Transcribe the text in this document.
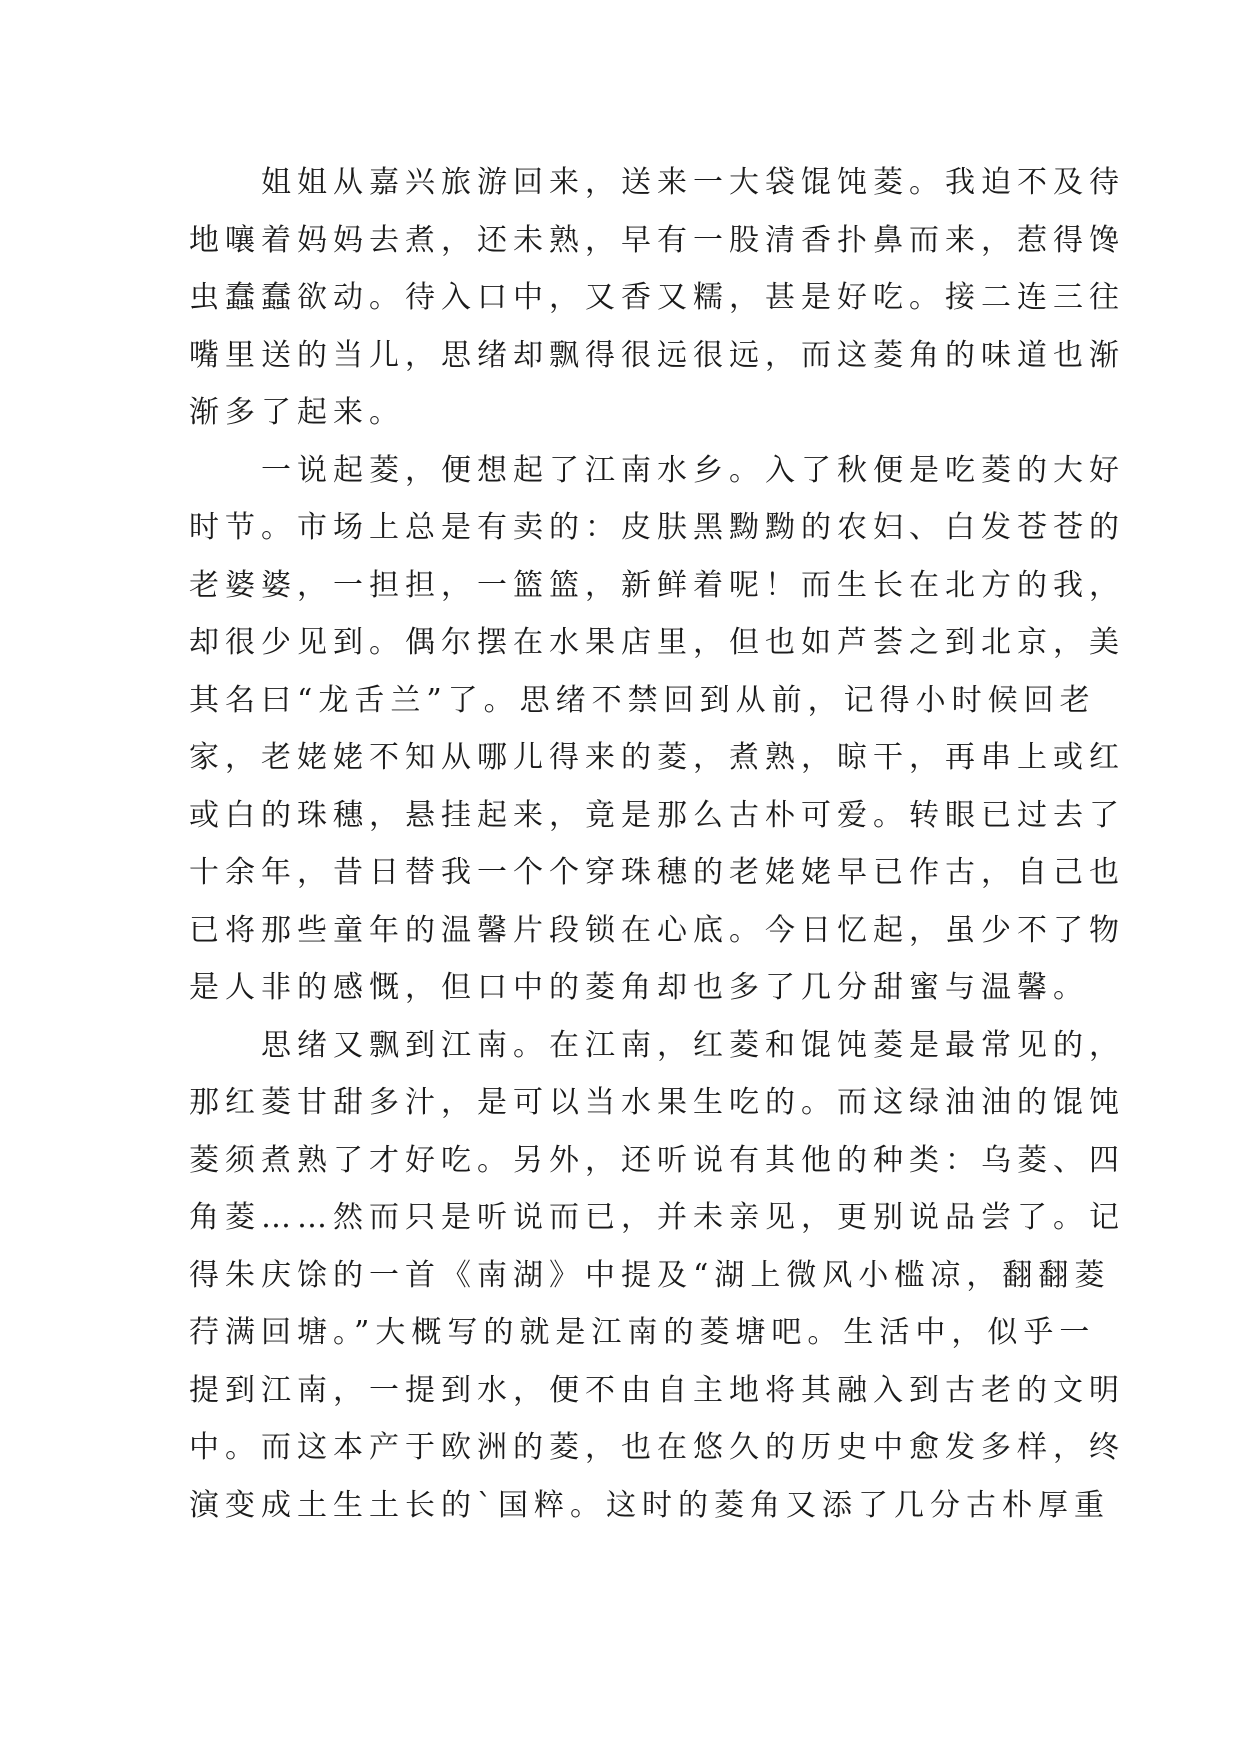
姐姐从嘉兴旅游回来，送来一大袋馄饨菱。我迫不及待
地嚷着妈妈去煮，还未熟，早有一股清香扑鼻而来，惹得馋
虫蠢蠢欲动。待入口中，又香又糯，甚是好吃。接二连三往
嘴里送的当儿，思绪却飘得很远很远，而这菱角的味道也渐
渐多了起来。
一说起菱，便想起了江南水乡。入了秋便是吃菱的大好
时节。市场上总是有卖的：皮肤黑黝黝的农妇、白发苍苍的
老婆婆，一担担，一篮篮，新鲜着呢！而生长在北方的我，
却很少见到。偶尔摆在水果店里，但也如芦荟之到北京，美
其名曰“龙舌兰”了。思绪不禁回到从前，记得小时候回老
家，老姥姥不知从哪儿得来的菱，煮熟，晾干，再串上或红
或白的珠穗，悬挂起来，竟是那么古朴可爱。转眼已过去了
十余年，昔日替我一个个穿珠穗的老姥姥早已作古，自己也
已将那些童年的温馨片段锁在心底。今日忆起，虽少不了物
是人非的感慨，但口中的菱角却也多了几分甜蜜与温馨。
思绪又飘到江南。在江南，红菱和馄饨菱是最常见的，
那红菱甘甜多汁，是可以当水果生吃的。而这绿油油的馄饨
菱须煮熟了才好吃。另外，还听说有其他的种类：乌菱、四
角菱……然而只是听说而已，并未亲见，更别说品尝了。记
得朱庆馀的一首《南湖》中提及“湖上微风小槛凉，翻翻菱
荇满回塘。”大概写的就是江南的菱塘吧。生活中，似乎一
提到江南，一提到水，便不由自主地将其融入到古老的文明
中。而这本产于欧洲的菱，也在悠久的历史中愈发多样，终
演变成土生土长的`国粹。这时的菱角又添了几分古朴厚重
